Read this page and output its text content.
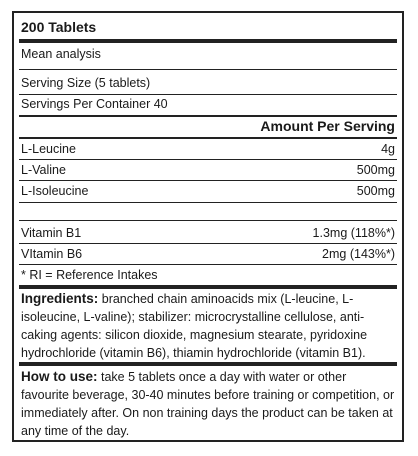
200 Tablets
Mean analysis
Serving Size (5 tablets)
Servings Per Container 40
Amount Per Serving
L-Leucine	4g
L-Valine	500mg
L-Isoleucine	500mg
Vitamin B1	1.3mg (118%*)
VItamin B6	2mg (143%*)
* RI = Reference Intakes
Ingredients: branched chain aminoacids mix (L-leucine, L-isoleucine, L-valine); stabilizer: microcrystalline cellulose, anti-caking agents: silicon dioxide, magnesium stearate, pyridoxine hydrochloride (vitamin B6), thiamin hydrochloride (vitamin B1).
How to use: take 5 tablets once a day with water or other favourite beverage, 30-40 minutes before training or competition, or immediately after. On non training days the product can be taken at any time of the day.
